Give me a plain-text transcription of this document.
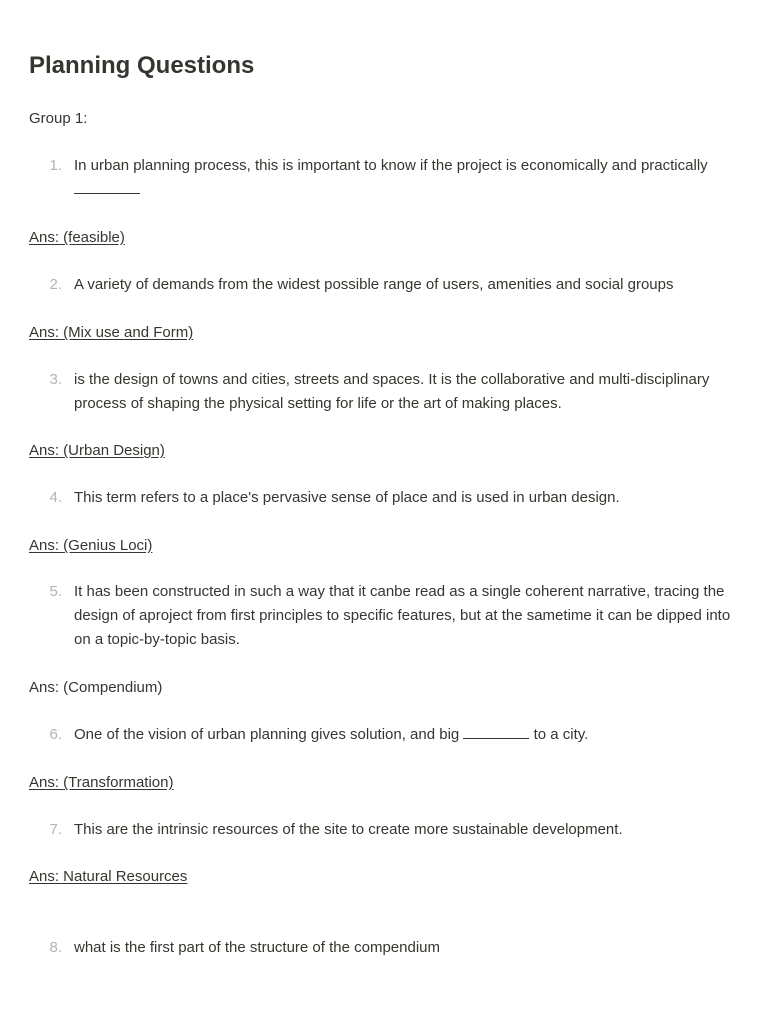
Planning Questions
Group 1:
1. In urban planning process, this is important to know if the project is economically and practically
Ans: (feasible)
2. A variety of demands from the widest possible range of users, amenities and social groups
Ans: (Mix use and Form)
3. is the design of towns and cities, streets and spaces. It is the collaborative and multi-disciplinary process of shaping the physical setting for life or the art of making places.
Ans: (Urban Design)
4. This term refers to a place's pervasive sense of place and is used in urban design.
Ans: (Genius Loci)
5. It has been constructed in such a way that it canbe read as a single coherent narrative, tracing the design of aproject from first principles to specific features, but at the sametime it can be dipped into on a topic-by-topic basis.
Ans: (Compendium)
6. One of the vision of urban planning gives solution, and big	to a city.
Ans: (Transformation)
7. This are the intrinsic resources of the site to create more sustainable development.
Ans: Natural Resources
8. what is the first part of the structure of the compendium
